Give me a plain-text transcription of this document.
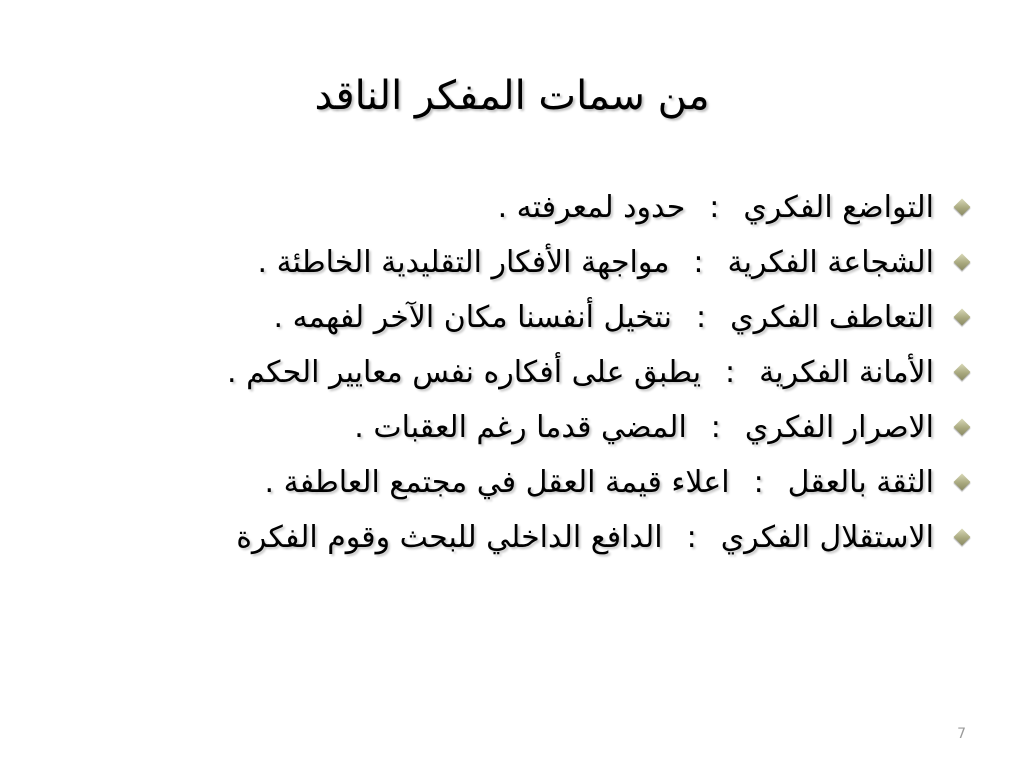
من سمات المفكر الناقد
التواضع الفكري:حدود لمعرفته .
الشجاعة الفكرية:مواجهة الأفكار التقليدية الخاطئة .
التعاطف الفكري:نتخيل أنفسنا مكان الآخر لفهمه .
الأمانة الفكرية:يطبق على أفكاره نفس معايير الحكم .
الاصرار الفكري:المضي قدما رغم العقبات .
الثقة بالعقل:اعلاء قيمة العقل في مجتمع العاطفة .
الاستقلال الفكري:الدافع الداخلي للبحث وقوم الفكرة
7
